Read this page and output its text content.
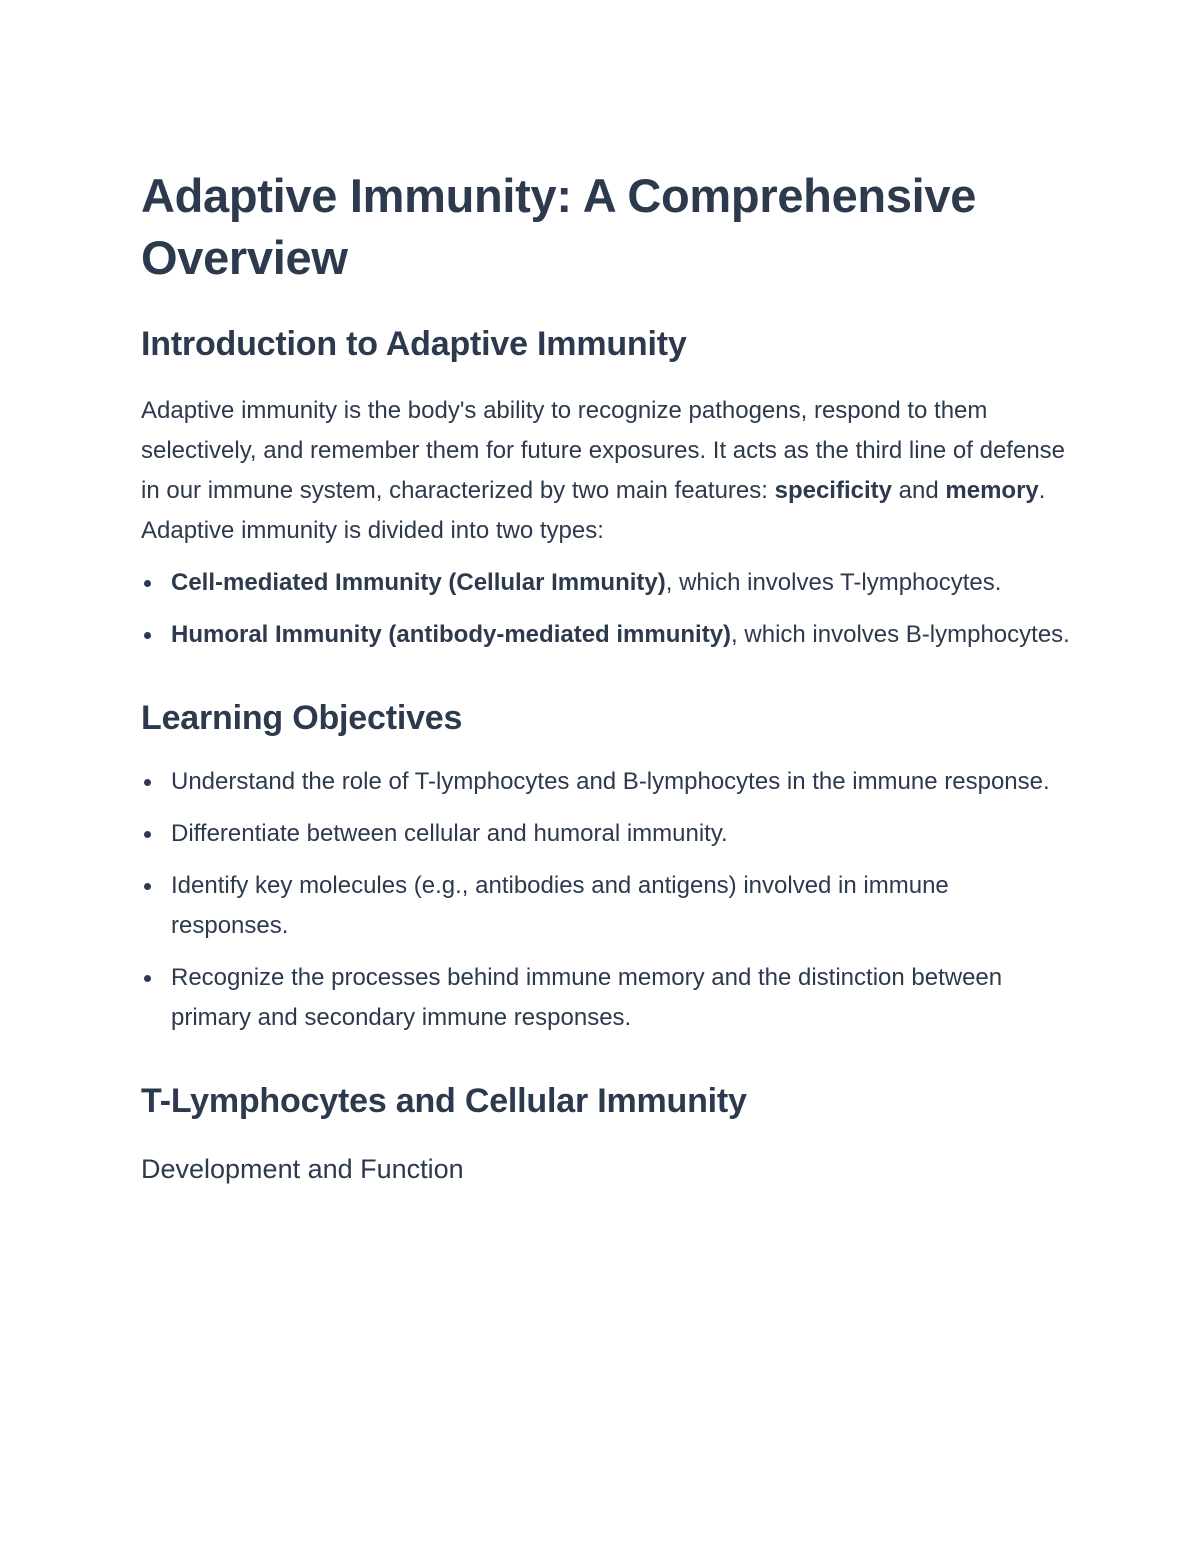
Adaptive Immunity: A Comprehensive Overview
Introduction to Adaptive Immunity

Adaptive immunity is the body's ability to recognize pathogens, respond to them selectively, and remember them for future exposures. It acts as the third line of defense in our immune system, characterized by two main features: specificity and memory. Adaptive immunity is divided into two types:

Cell-mediated Immunity (Cellular Immunity), which involves T-lymphocytes.
Humoral Immunity (antibody-mediated immunity), which involves B-lymphocytes.
Learning Objectives
Understand the role of T-lymphocytes and B-lymphocytes in the immune response.
Differentiate between cellular and humoral immunity.
Identify key molecules (e.g., antibodies and antigens) involved in immune responses.
Recognize the processes behind immune memory and the distinction between primary and secondary immune responses.
T-Lymphocytes and Cellular Immunity
Development and Function
